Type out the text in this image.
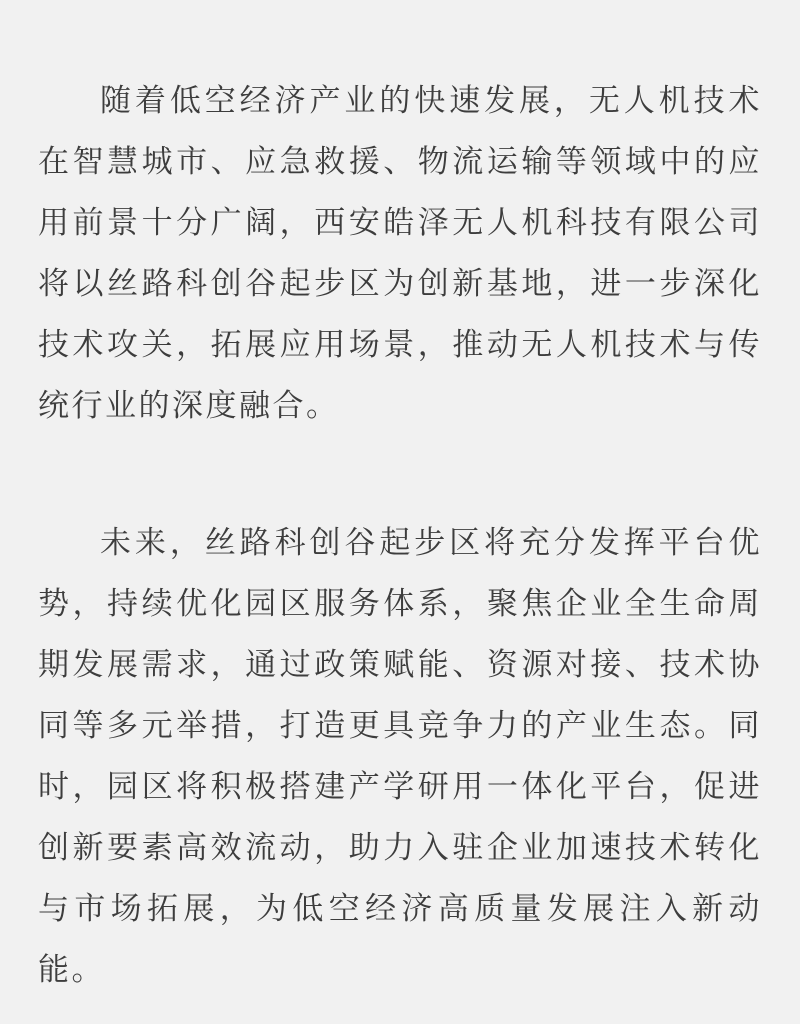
随着低空经济产业的快速发展，无人机技术在智慧城市、应急救援、物流运输等领域中的应用前景十分广阔，西安皓泽无人机科技有限公司将以丝路科创谷起步区为创新基地，进一步深化技术攻关，拓展应用场景，推动无人机技术与传统行业的深度融合。

未来，丝路科创谷起步区将充分发挥平台优势，持续优化园区服务体系，聚焦企业全生命周期发展需求，通过政策赋能、资源对接、技术协同等多元举措，打造更具竞争力的产业生态。同时，园区将积极搭建产学研用一体化平台，促进创新要素高效流动，助力入驻企业加速技术转化与市场拓展，为低空经济高质量发展注入新动能。
